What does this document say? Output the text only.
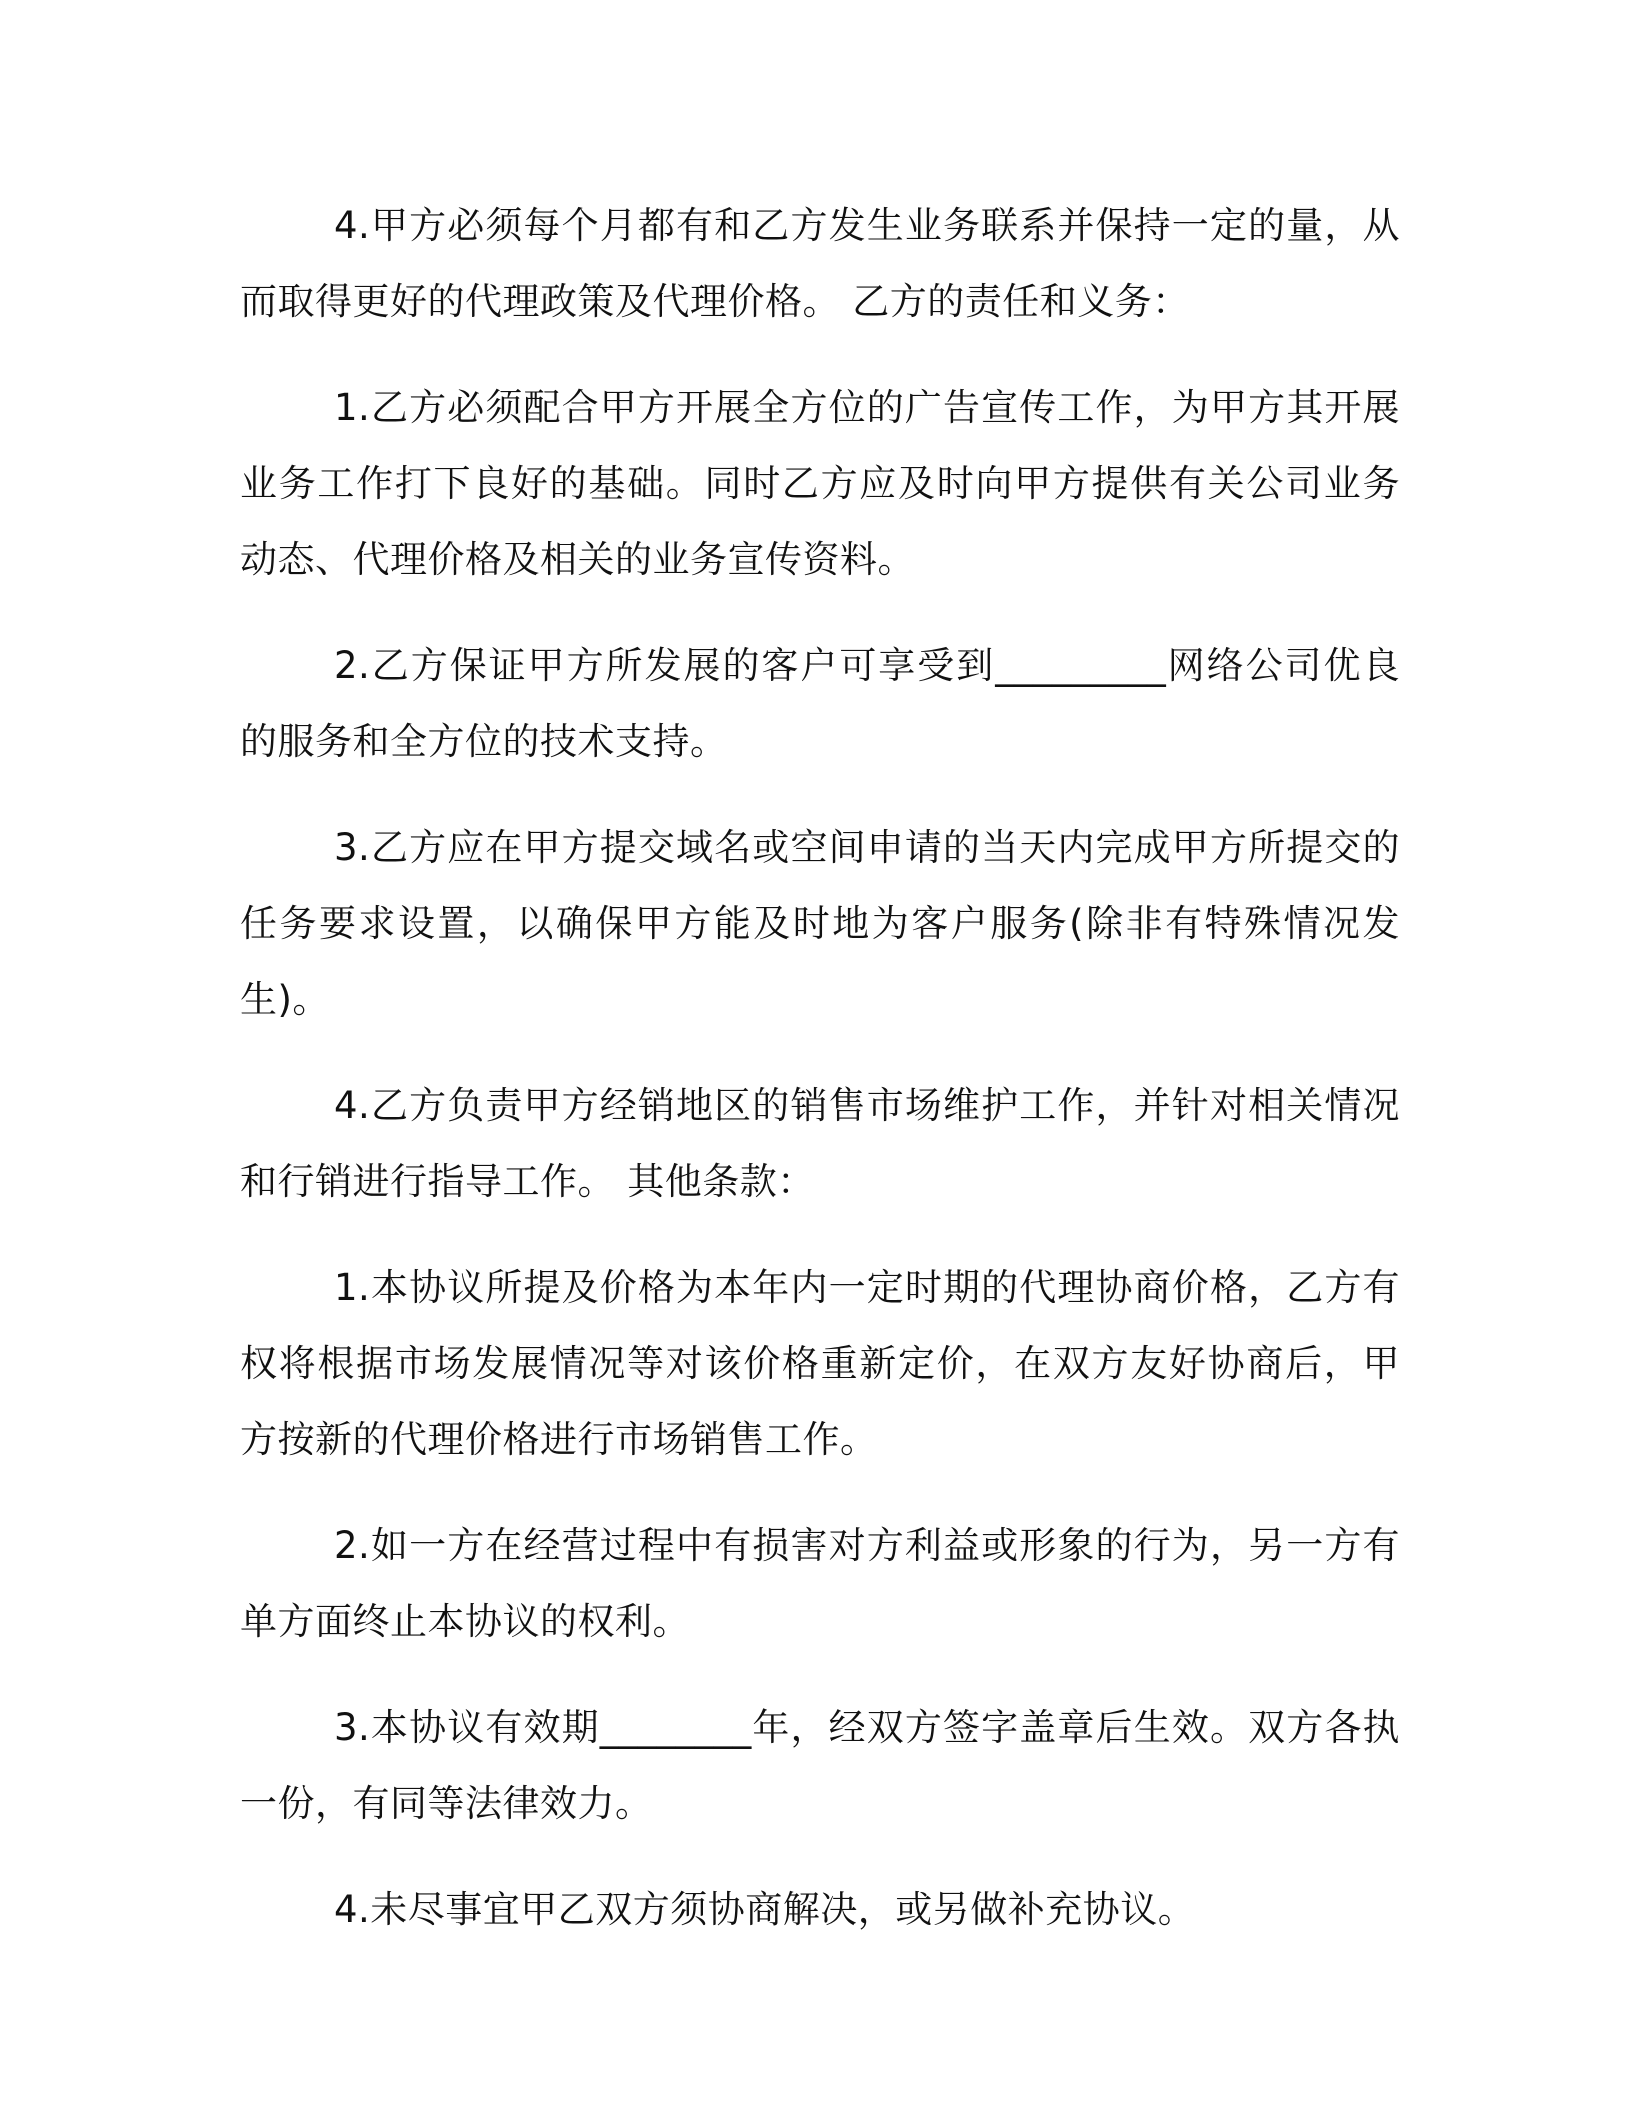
4.甲方必须每个月都有和乙方发生业务联系并保持一定的量，从而取得更好的代理政策及代理价格。 乙方的责任和义务：

1.乙方必须配合甲方开展全方位的广告宣传工作，为甲方其开展业务工作打下良好的基础。同时乙方应及时向甲方提供有关公司业务动态、代理价格及相关的业务宣传资料。

2.乙方保证甲方所发展的客户可享受到_________网络公司优良的服务和全方位的技术支持。

3.乙方应在甲方提交域名或空间申请的当天内完成甲方所提交的任务要求设置，以确保甲方能及时地为客户服务(除非有特殊情况发生)。

4.乙方负责甲方经销地区的销售市场维护工作，并针对相关情况和行销进行指导工作。 其他条款：

1.本协议所提及价格为本年内一定时期的代理协商价格，乙方有权将根据市场发展情况等对该价格重新定价，在双方友好协商后，甲方按新的代理价格进行市场销售工作。

2.如一方在经营过程中有损害对方利益或形象的行为，另一方有单方面终止本协议的权利。

3.本协议有效期________年，经双方签字盖章后生效。双方各执一份，有同等法律效力。

4.未尽事宜甲乙双方须协商解决，或另做补充协议。
